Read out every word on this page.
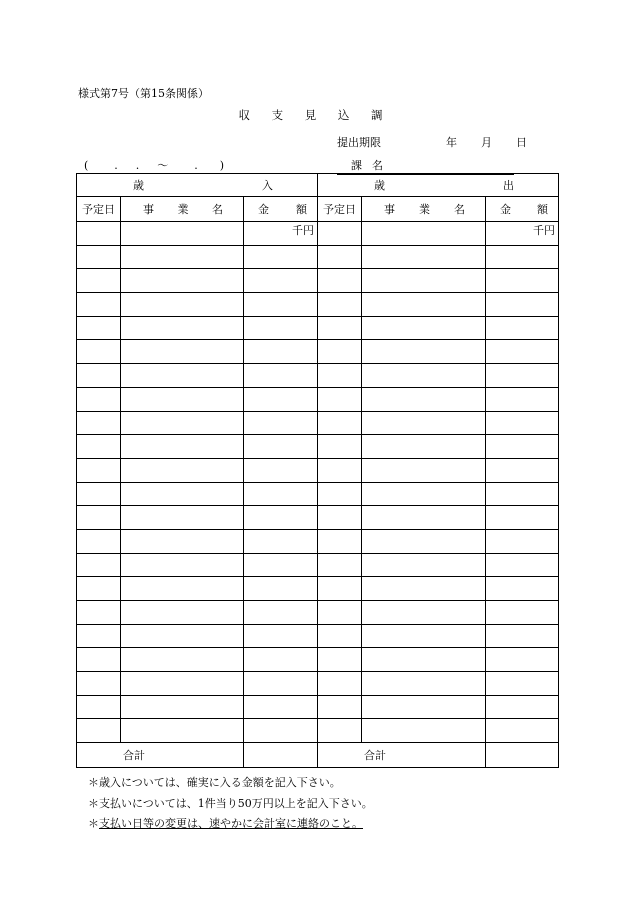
様式第7号（第15条関係）
収 支 見 込 調
提出期限	年 月 日
( . . 〜 . )	課名
歳 入			歳 出		

予定日	事 業 名	金 額	予定日	事 業 名	金 額

		千円			千円

合 計			合 計		

＊歳入については、確実に入る金額を記入下さい。
＊支払いについては、1件当り50万円以上を記入下さい。
＊支払い日等の変更は、速やかに会計室に連絡のこと。
